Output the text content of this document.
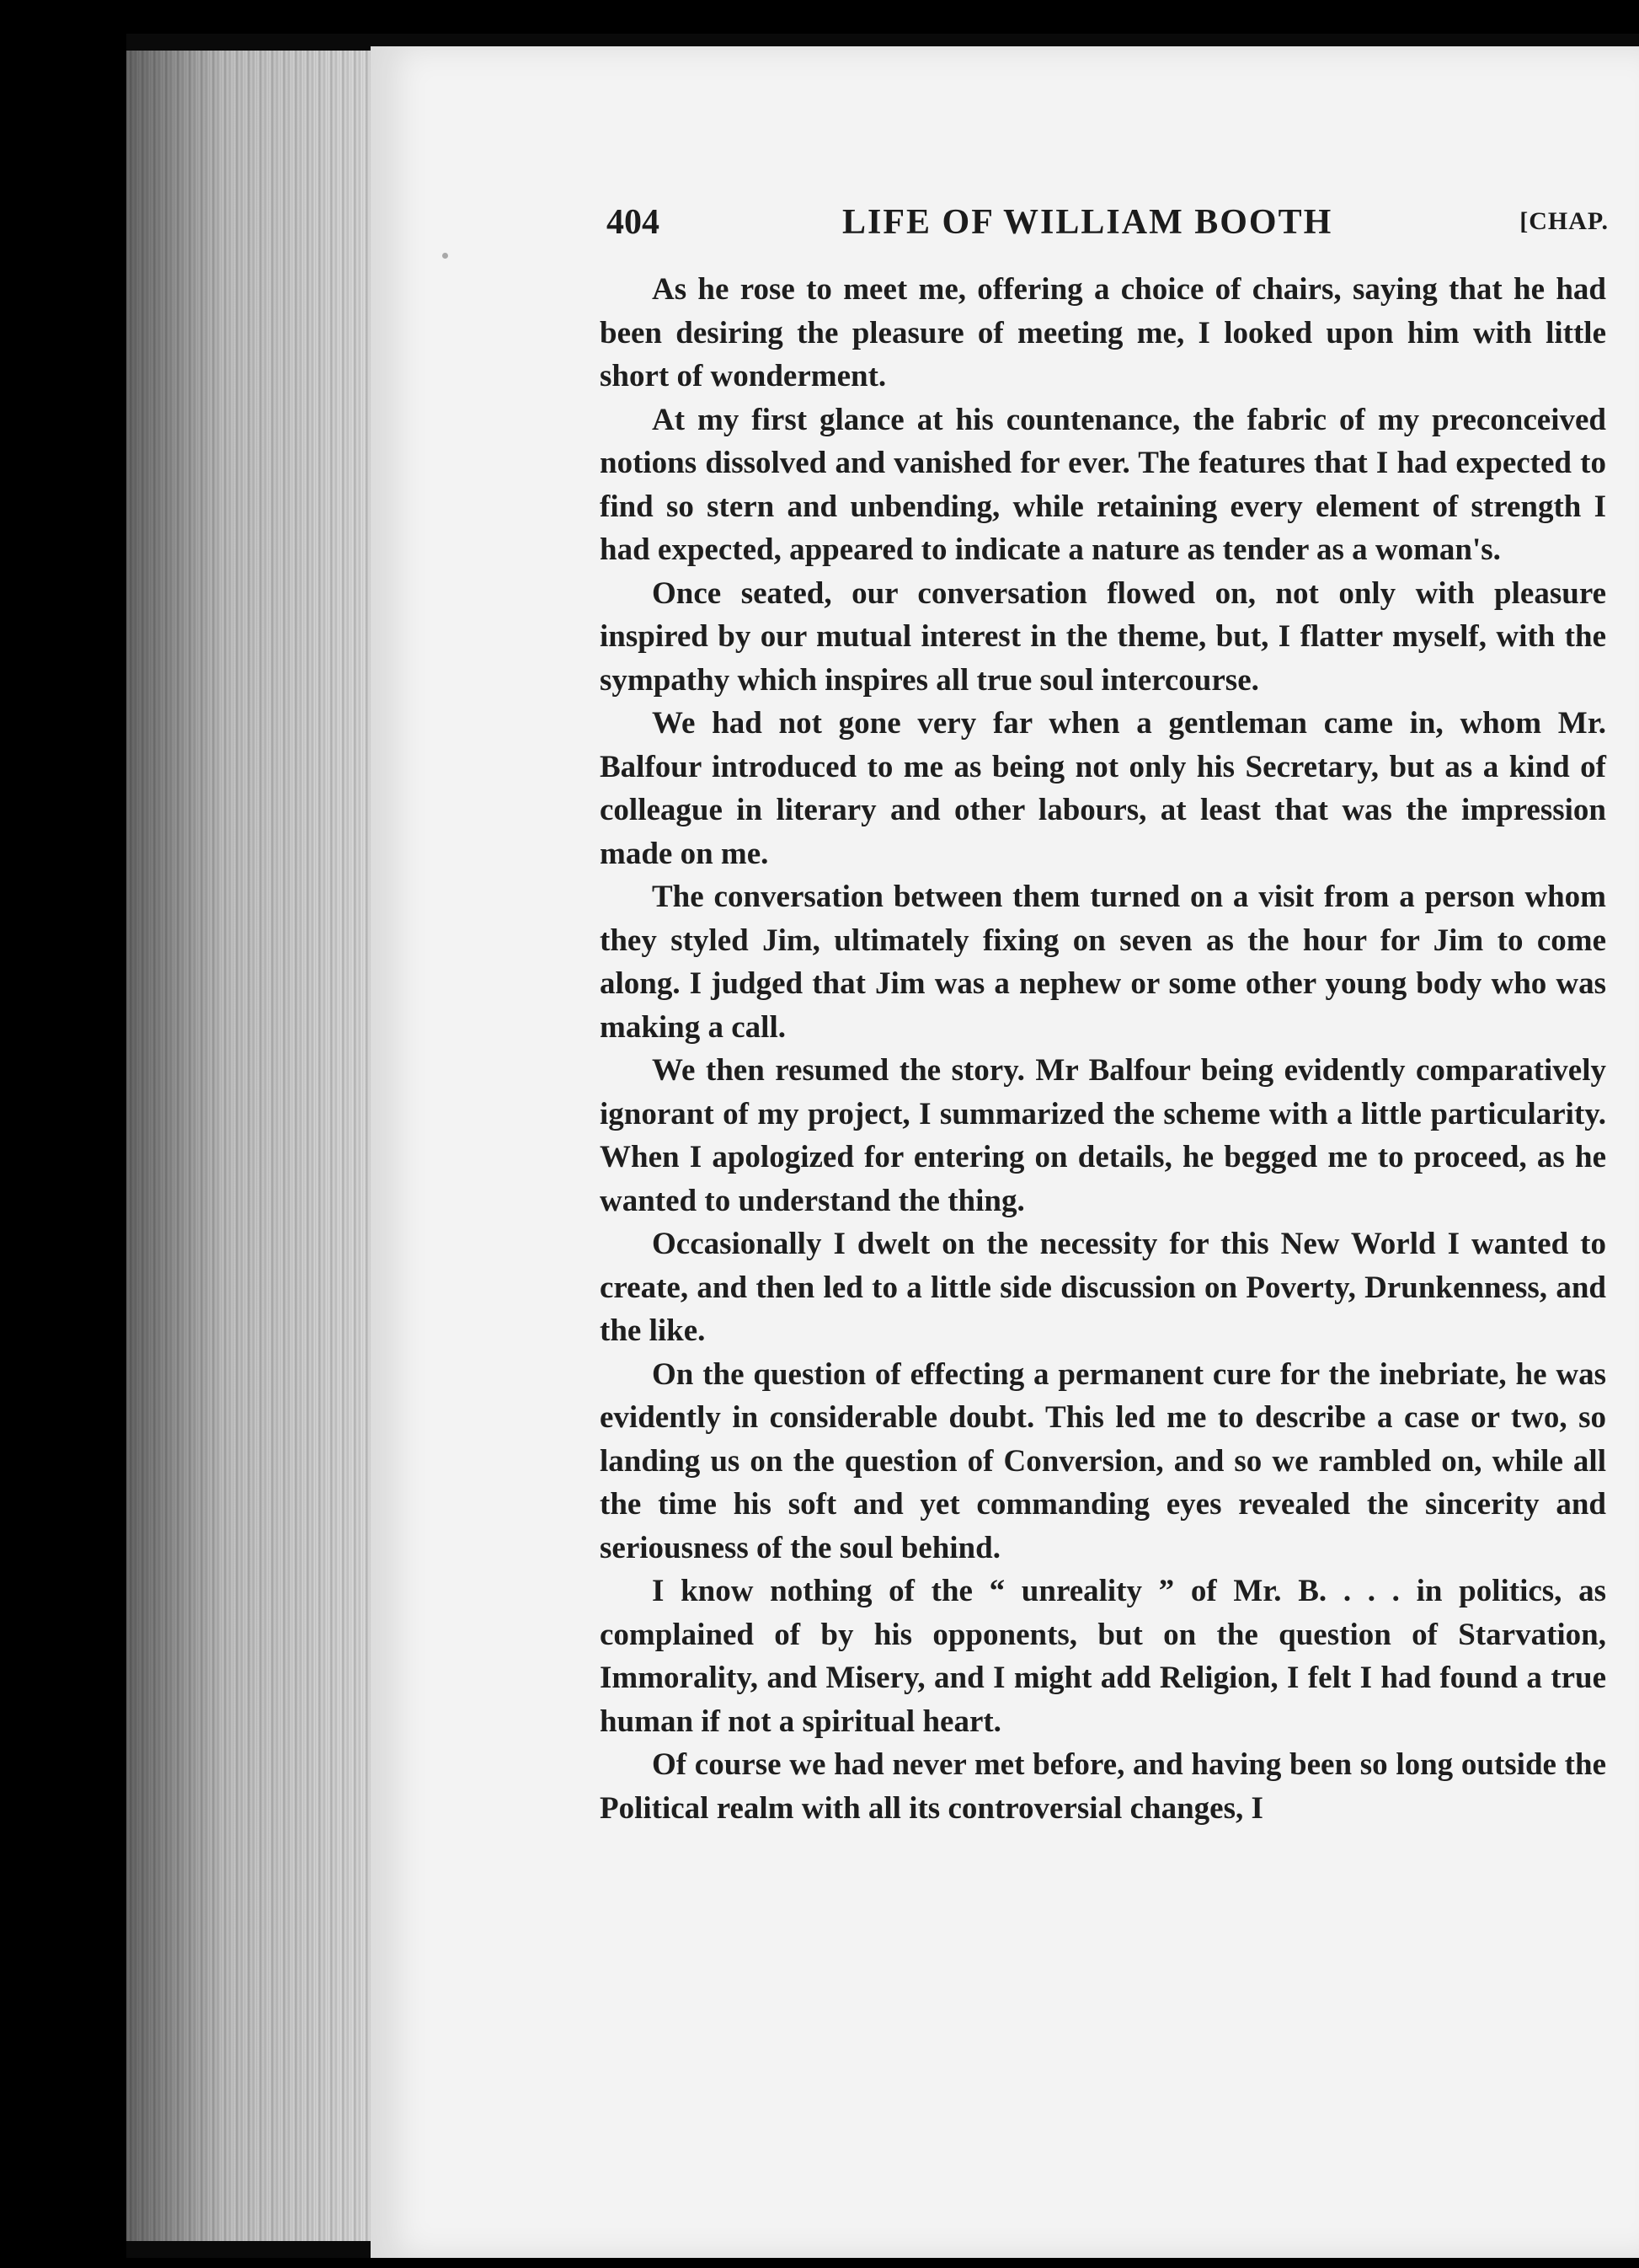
404	LIFE OF WILLIAM BOOTH	[CHAP.

As he rose to meet me, offering a choice of chairs, saying that he had been desiring the pleasure of meeting me, I looked upon him with little short of wonderment.

At my first glance at his countenance, the fabric of my preconceived notions dissolved and vanished for ever. The features that I had expected to find so stern and unbending, while retaining every element of strength I had expected, appeared to indicate a nature as tender as a woman's.

Once seated, our conversation flowed on, not only with pleasure inspired by our mutual interest in the theme, but, I flatter myself, with the sympathy which inspires all true soul intercourse.

We had not gone very far when a gentleman came in, whom Mr. Balfour introduced to me as being not only his Secretary, but as a kind of colleague in literary and other labours, at least that was the impression made on me.

The conversation between them turned on a visit from a person whom they styled Jim, ultimately fixing on seven as the hour for Jim to come along. I judged that Jim was a nephew or some other young body who was making a call.

We then resumed the story. Mr Balfour being evidently comparatively ignorant of my project, I summarized the scheme with a little particularity. When I apologized for entering on details, he begged me to proceed, as he wanted to understand the thing.

Occasionally I dwelt on the necessity for this New World I wanted to create, and then led to a little side discussion on Poverty, Drunkenness, and the like.

On the question of effecting a permanent cure for the inebriate, he was evidently in considerable doubt. This led me to describe a case or two, so landing us on the question of Conversion, and so we rambled on, while all the time his soft and yet commanding eyes revealed the sincerity and seriousness of the soul behind.

I know nothing of the “ unreality ” of Mr. B. . . . in politics, as complained of by his opponents, but on the question of Starvation, Immorality, and Misery, and I might add Religion, I felt I had found a true human if not a spiritual heart.

Of course we had never met before, and having been so long outside the Political realm with all its controversial changes, I
